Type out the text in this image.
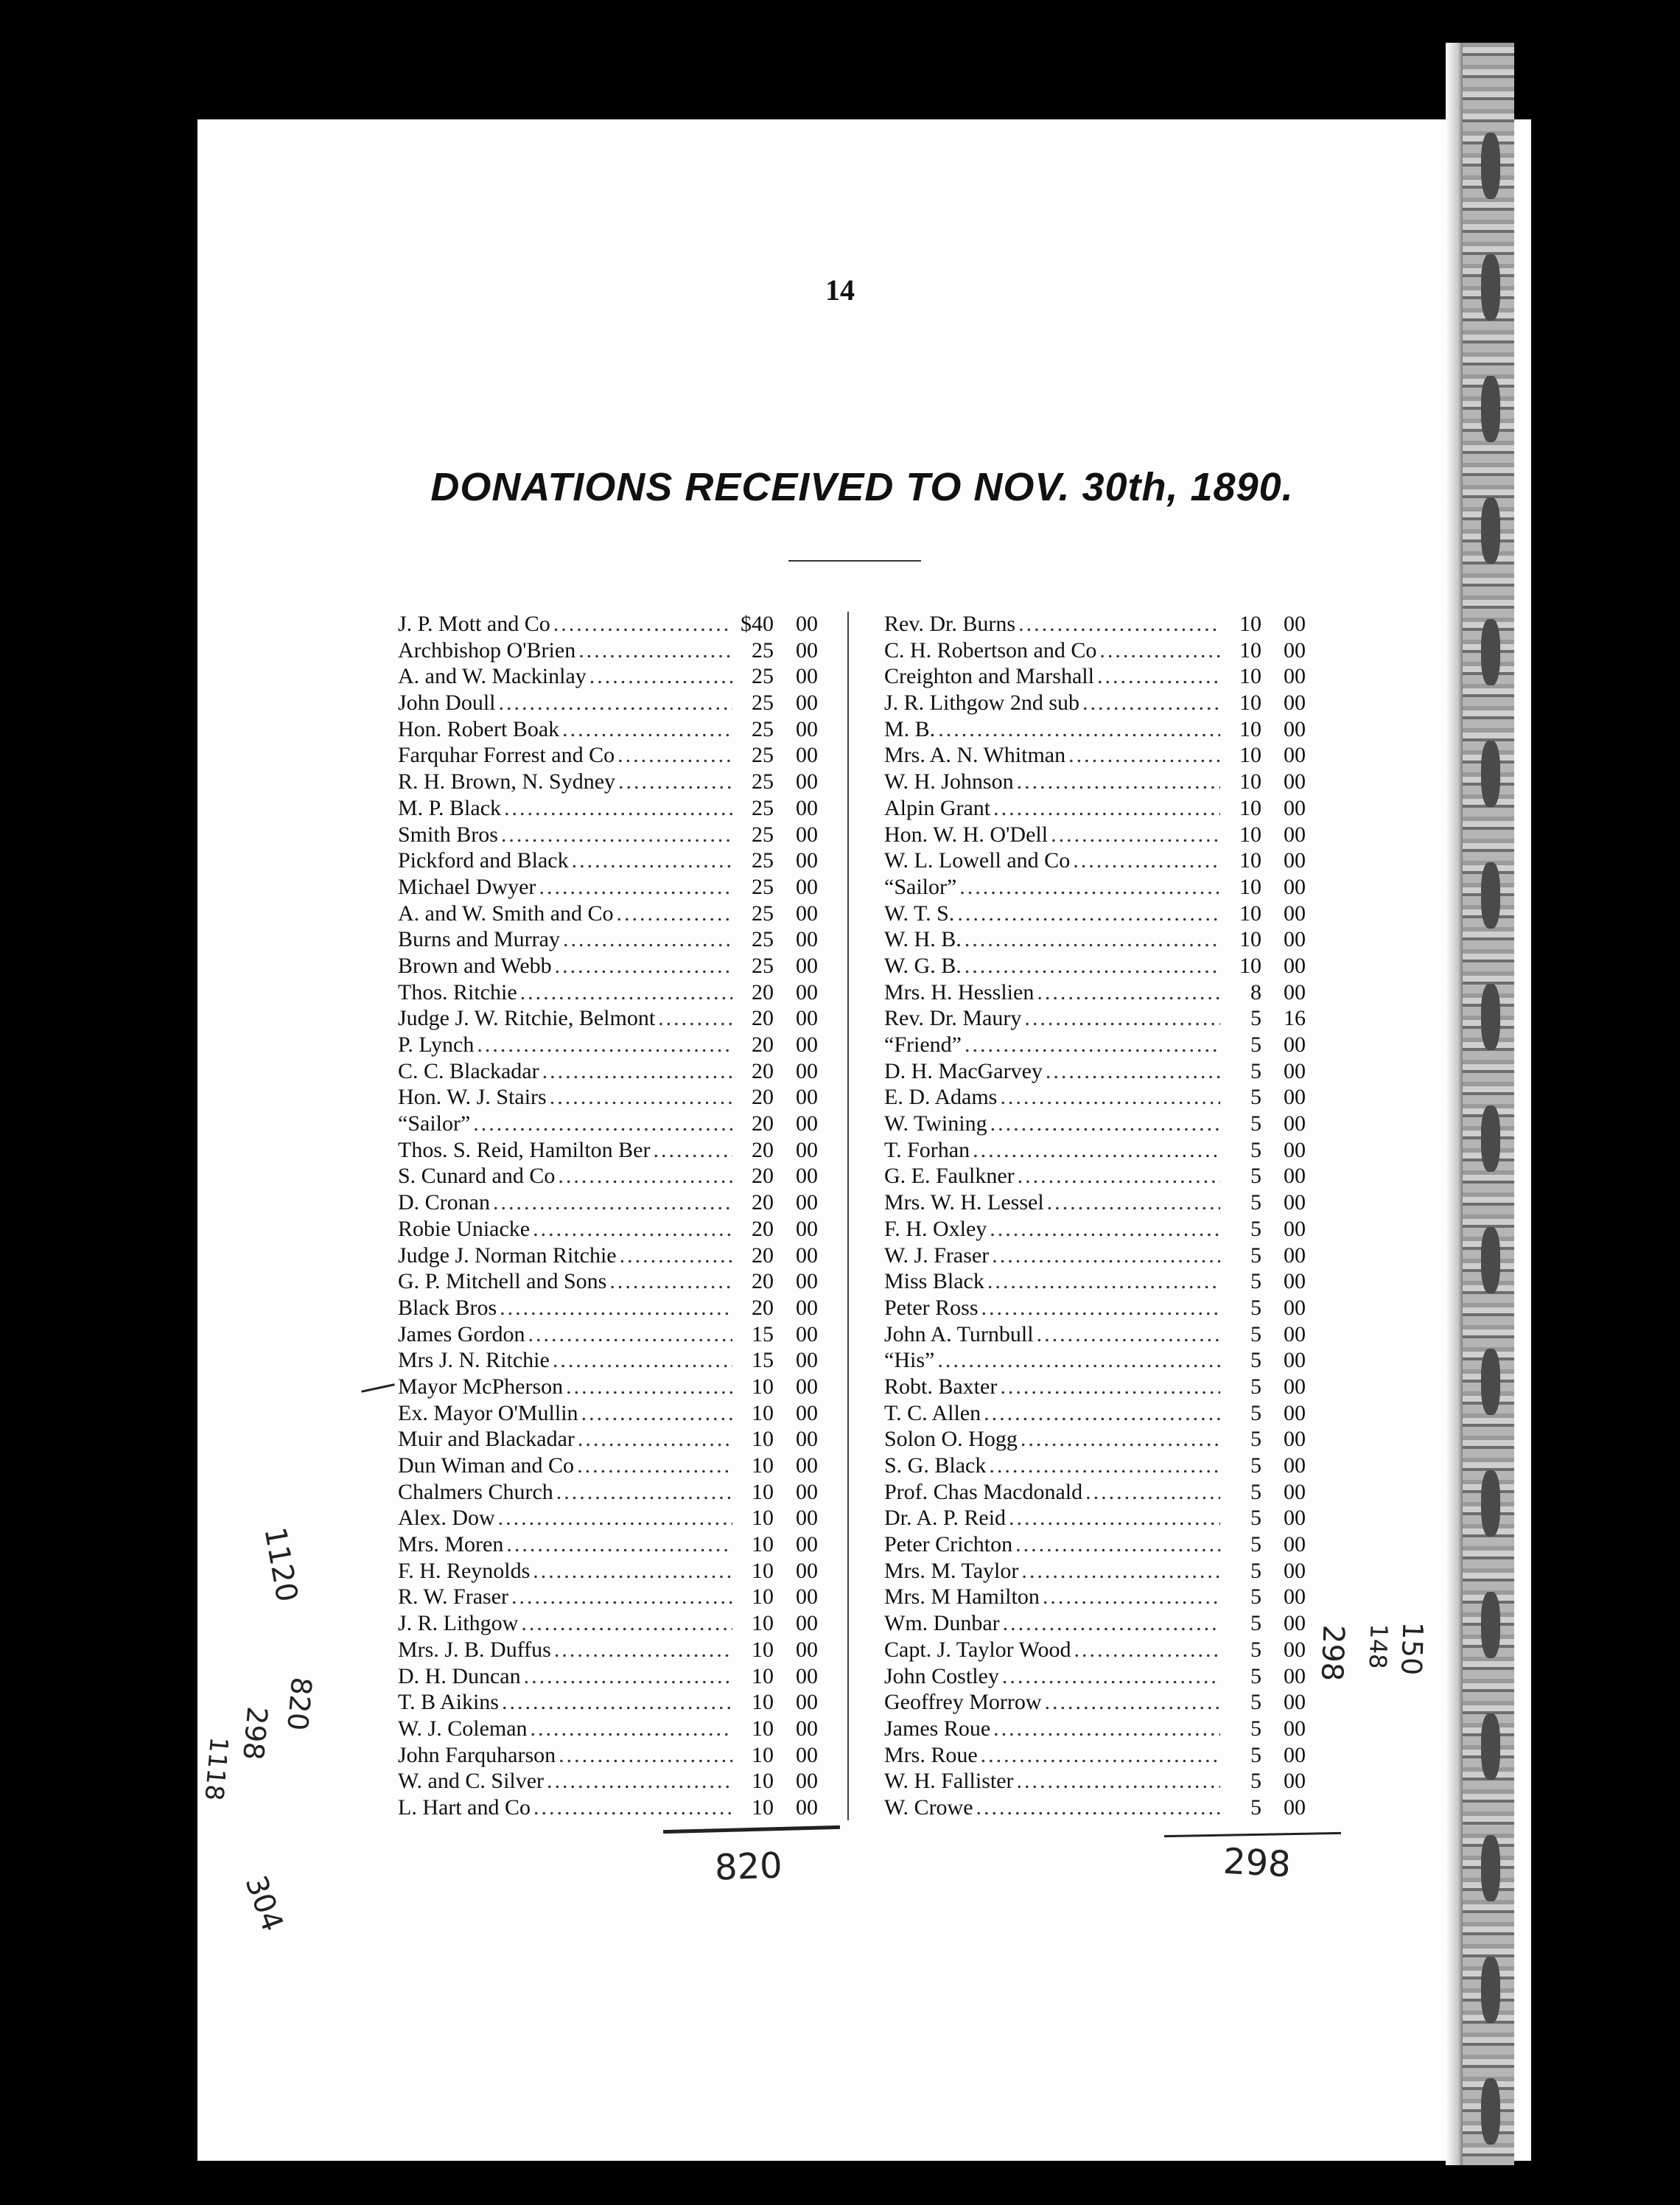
14
DONATIONS RECEIVED TO NOV. 30th, 1890.
J. P. Mott and Co .....	$40	00
Archbishop O'Brien .....	25	00
A. and W. Mackinlay .....	25	00
John Doull .....	25	00
Hon. Robert Boak .....	25	00
Farquhar Forrest and Co .....	25	00
R. H. Brown, N. Sydney .....	25	00
M. P. Black .....	25	00
Smith Bros .....	25	00
Pickford and Black .....	25	00
Michael Dwyer .....	25	00
A. and W. Smith and Co .....	25	00
Burns and Murray .....	25	00
Brown and Webb .....	25	00
Thos. Ritchie .....	20	00
Judge J. W. Ritchie, Belmont .....	20	00
P. Lynch .....	20	00
C. C. Blackadar .....	20	00
Hon. W. J. Stairs .....	20	00
“Sailor” .....	20	00
Thos. S. Reid, Hamilton Ber .....	20	00
S. Cunard and Co .....	20	00
D. Cronan .....	20	00
Robie Uniacke .....	20	00
Judge J. Norman Ritchie .....	20	00
G. P. Mitchell and Sons .....	20	00
Black Bros .....	20	00
James Gordon .....	15	00
Mrs J. N. Ritchie .....	15	00
Mayor McPherson .....	10	00
Ex. Mayor O'Mullin .....	10	00
Muir and Blackadar .....	10	00
Dun Wiman and Co .....	10	00
Chalmers Church .....	10	00
Alex. Dow .....	10	00
Mrs. Moren .....	10	00
F. H. Reynolds .....	10	00
R. W. Fraser .....	10	00
J. R. Lithgow .....	10	00
Mrs. J. B. Duffus .....	10	00
D. H. Duncan .....	10	00
T. B Aikins .....	10	00
W. J. Coleman .....	10	00
John Farquharson .....	10	00
W. and C. Silver .....	10	00
L. Hart and Co .....	10	00
Rev. Dr. Burns .....	10	00
C. H. Robertson and Co .....	10	00
Creighton and Marshall .....	10	00
J. R. Lithgow 2nd sub .....	10	00
M. B. .....	10	00
Mrs. A. N. Whitman .....	10	00
W. H. Johnson .....	10	00
Alpin Grant .....	10	00
Hon. W. H. O'Dell .....	10	00
W. L. Lowell and Co .....	10	00
“Sailor” .....	10	00
W. T. S. .....	10	00
W. H. B. .....	10	00
W. G. B. .....	10	00
Mrs. H. Hesslien .....	8	00
Rev. Dr. Maury .....	5	16
“Friend” .....	5	00
D. H. MacGarvey .....	5	00
E. D. Adams .....	5	00
W. Twining .....	5	00
T. Forhan .....	5	00
G. E. Faulkner .....	5	00
Mrs. W. H. Lessel .....	5	00
F. H. Oxley .....	5	00
W. J. Fraser .....	5	00
Miss Black .....	5	00
Peter Ross .....	5	00
John A. Turnbull .....	5	00
“His” .....	5	00
Robt. Baxter .....	5	00
T. C. Allen .....	5	00
Solon O. Hogg .....	5	00
S. G. Black .....	5	00
Prof. Chas Macdonald .....	5	00
Dr. A. P. Reid .....	5	00
Peter Crichton .....	5	00
Mrs. M. Taylor .....	5	00
Mrs. M Hamilton .....	5	00
Wm. Dunbar .....	5	00
Capt. J. Taylor Wood .....	5	00
John Costley .....	5	00
Geoffrey Morrow .....	5	00
James Roue .....	5	00
Mrs. Roue .....	5	00
W. H. Fallister .....	5	00
W. Crowe .....	5	00
820	298
1120
820
298
1118
304
150
148
298
